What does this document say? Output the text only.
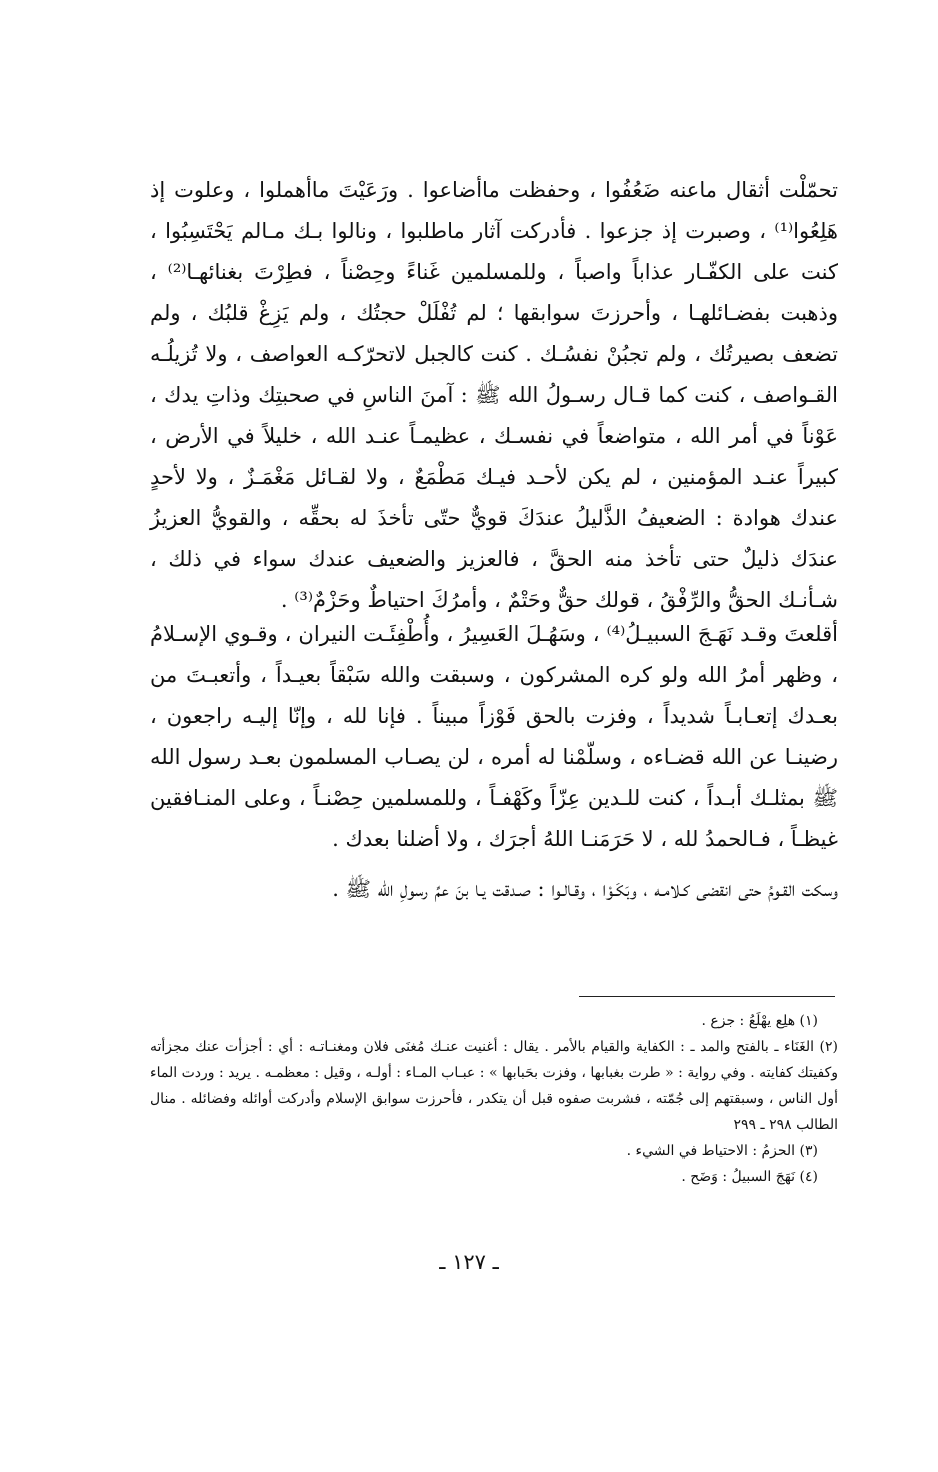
تحمّلْت أثقال ماعنه ضَعُفُوا ، وحفظت ماأضاعوا . ورَعَيْتَ ماأهملوا ، وعلوت إذ هَلِعُوا⁽¹⁾ ، وصبرت إذ جزعوا . فأدركت آثار ماطلبوا ، ونالوا بـك مـالم يَحْتَسِبُوا ، كنت على الكفّـار عذاباً واصباً ، وللمسلمين غَناءً وحِصْناً ، فطِرْتَ بغنائهـا⁽²⁾ ، وذهبت بفضـائلهـا ، وأحرزتَ سوابقها ؛ لم تُفْلَلْ حجتُك ، ولم يَزِغْ قلبُك ، ولم تضعف بصيرتُك ، ولم تجبُنْ نفسُـك . كنت كالجبل لاتحرّكـه العواصف ، ولا تُزيلُـه القـواصف ، كنت كما قـال رسـولُ الله ﷺ : آمنَ الناسِ في صحبتِك وذاتِ يدك ، عَوْناً في أمر الله ، متواضعاً في نفسـك ، عظيمـاً عنـد الله ، خليلاً في الأرض ، كبيراً عنـد المؤمنين ، لم يكن لأحـد فيـك مَطْمَعٌ ، ولا لقـائل مَغْمَـزٌ ، ولا لأحدٍ عندك هوادة : الضعيفُ الذَّليلُ عندَكَ قويٌّ حتّى تأخذَ له بحقِّه ، والقويُّ العزيزُ عندَك ذليلٌ حتى تأخذ منه الحقَّ ، فالعزيز والضعيف عندك سواء في ذلك ، شـأنـك الحقُّ والرِّفْقُ ، قولك حقٌّ وحَتْمٌ ، وأمرُكَ احتياطٌ وحَزْمٌ⁽³⁾ .

أقلعتَ وقـد نَهَـجَ السبيـلُ⁽⁴⁾ ، وسَهُـلَ العَسِيرُ ، وأُطْفِئَـت النيران ، وقـوي الإسـلامُ ، وظهر أمرُ الله ولو كره المشركون ، وسبقت والله سَبْقاً بعيـداً ، وأتعبـتَ من بعـدك إتعـابـاً شديداً ، وفزت بالحق فَوْزاً مبيناً . فإنا لله ، وإنّا إليـه راجعون ، رضينـا عن الله قضـاءه ، وسلّمْنا له أمره ، لن يصـاب المسلمون بعـد رسول الله ﷺ بمثلـك أبـداً ، كنت للـدين عِزّاً وكَهْفـاً ، وللمسلمين حِصْنـاً ، وعلى المنـافقين غيظـاً ، فـالحمدُ لله ، لا حَرَمَنـا اللهُ أجرَك ، ولا أضلنا بعدك .

وسكت القـومُ حتى انقضى كـلامـه ، وبَكَـوْا ، وقـالـوا : صـدقت يـا بنَ عمِّ رسولِ الله ﷺ .

(١) هلِع يهْلَعُ : جزع .

(٢) الغَنَاء ـ بالفتح والمد ـ : الكفاية والقيام بالأمر . يقال : أغنيت عنـك مُغنَى فلان ومغنـاتـه : أي : أجزأت عنك مجزأته وكفيتك كفايته . وفي رواية : « طرت بغبابها ، وفزت بحَبابها » : عبـاب المـاء : أولـه ، وقيل : معظمـه . يريد : وردت الماء أول الناس ، وسبقتهم إلى جُمّته ، فشربت صفوه قبل أن يتكدر ، فأحرزت سوابق الإسلام وأدركت أوائله وفضائله . منال الطالب ٢٩٨ ـ ٢٩٩

(٣) الحزمُ : الاحتياط في الشيء .

(٤) نَهَجَ السبيلُ : وَضَح .

ـ ١٢٧ ـ
